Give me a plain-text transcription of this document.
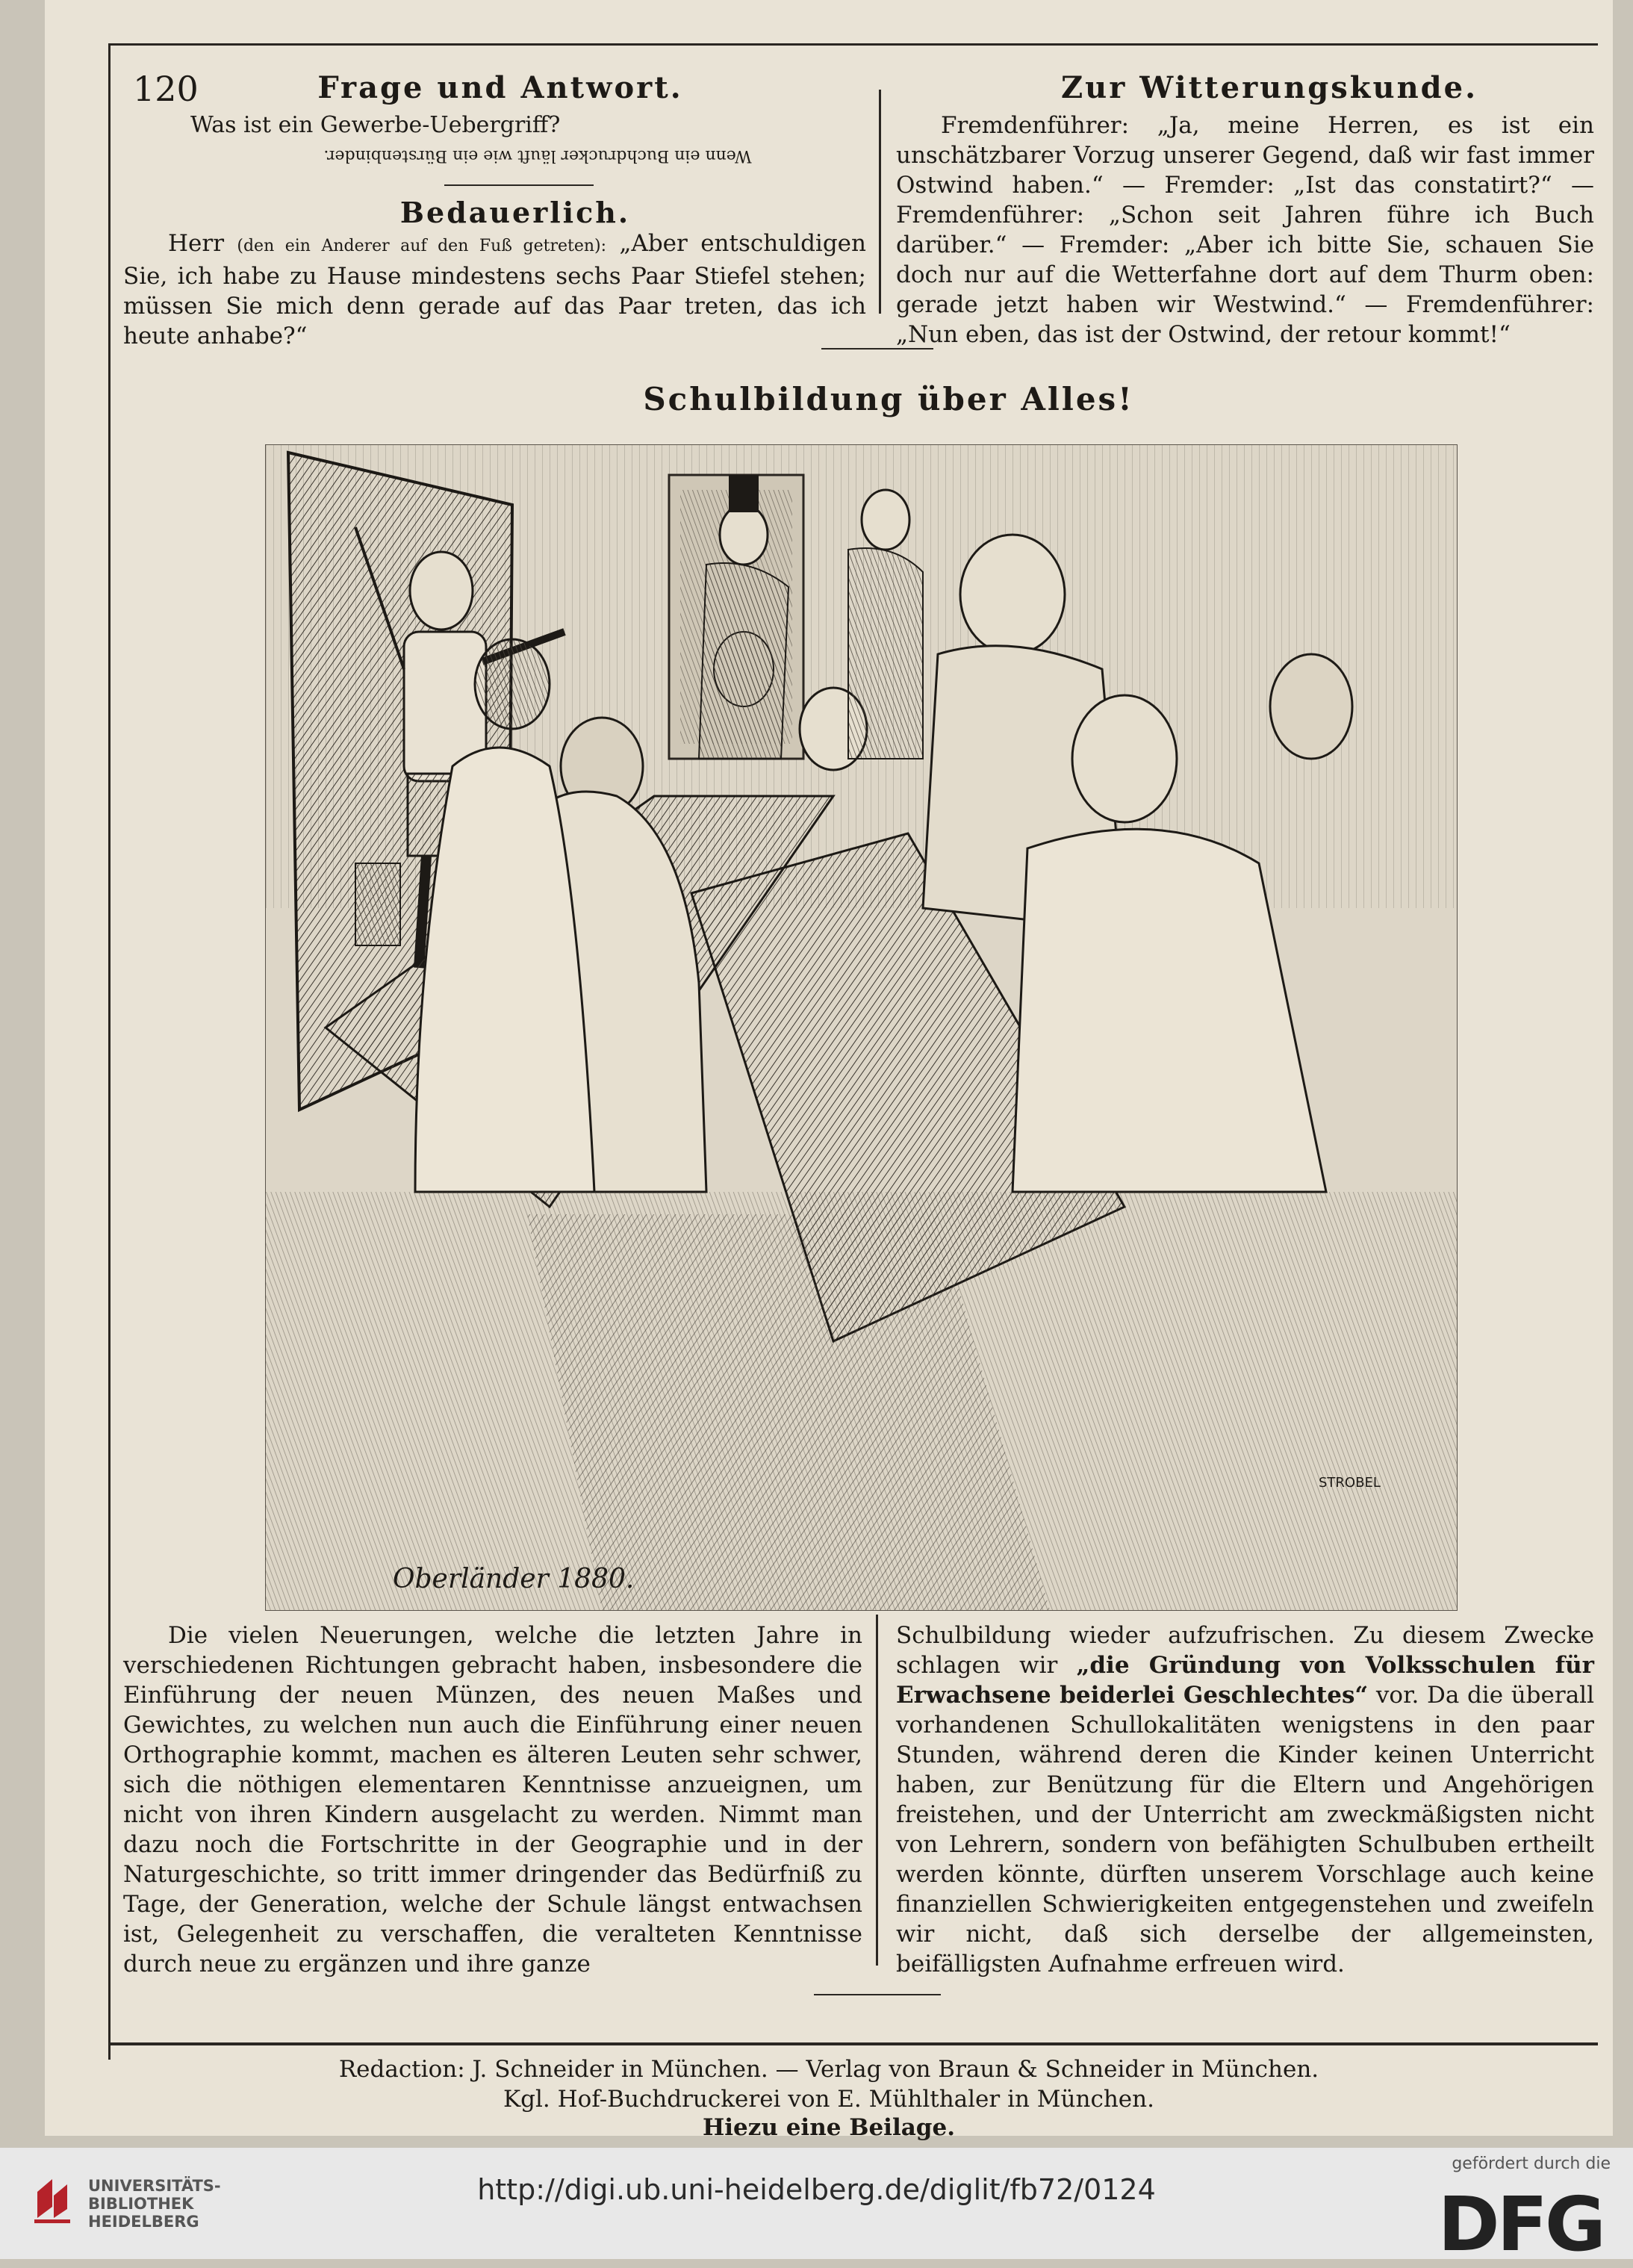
120	Frage und Antwort.
Was ist ein Gewerbe-Uebergriff?
Wenn ein Buchdrucker läuft wie ein Bürstenbinder.
Bedauerlich.
Herr (den ein Anderer auf den Fuß getreten): „Aber entschuldigen Sie, ich habe zu Hause mindestens sechs Paar Stiefel stehen; müssen Sie mich denn gerade auf das Paar treten, das ich heute anhabe?“
Zur Witterungskunde.
Fremdenführer: „Ja, meine Herren, es ist ein unschätzbarer Vorzug unserer Gegend, daß wir fast immer Ostwind haben.“ — Fremder: „Ist das constatirt?“ — Fremdenführer: „Schon seit Jahren führe ich Buch darüber.“ — Fremder: „Aber ich bitte Sie, schauen Sie doch nur auf die Wetterfahne dort auf dem Thurm oben: gerade jetzt haben wir Westwind.“ — Fremdenführer: „Nun eben, das ist der Ostwind, der retour kommt!“
Schulbildung über Alles!
Die vielen Neuerungen, welche die letzten Jahre in verschiedenen Richtungen gebracht haben, insbesondere die Einführung der neuen Münzen, des neuen Maßes und Gewichtes, zu welchen nun auch die Einführung einer neuen Orthographie kommt, machen es älteren Leuten sehr schwer, sich die nöthigen elementaren Kenntnisse anzueignen, um nicht von ihren Kindern ausgelacht zu werden. Nimmt man dazu noch die Fortschritte in der Geographie und in der Naturgeschichte, so tritt immer dringender das Bedürfniß zu Tage, der Generation, welche der Schule längst entwachsen ist, Gelegenheit zu verschaffen, die veralteten Kenntnisse durch neue zu ergänzen und ihre ganze
Schulbildung wieder aufzufrischen. Zu diesem Zwecke schlagen wir „die Gründung von Volksschulen für Erwachsene beiderlei Geschlechtes“ vor. Da die überall vorhandenen Schullokalitäten wenigstens in den paar Stunden, während deren die Kinder keinen Unterricht haben, zur Benützung für die Eltern und Angehörigen freistehen, und der Unterricht am zweckmäßigsten nicht von Lehrern, sondern von befähigten Schulbuben ertheilt werden könnte, dürften unserem Vorschlage auch keine finanziellen Schwierigkeiten entgegenstehen und zweifeln wir nicht, daß sich derselbe der allgemeinsten, beifälligsten Aufnahme erfreuen wird.
Redaction: J. Schneider in München. — Verlag von Braun & Schneider in München.
Kgl. Hof-Buchdruckerei von E. Mühlthaler in München.
Hiezu eine Beilage.
Oberländer 1880.
STROBEL
UNIVERSITÄTS-
BIBLIOTHEK
HEIDELBERG
http://digi.ub.uni-heidelberg.de/diglit/fb72/0124
gefördert durch die
DFG
